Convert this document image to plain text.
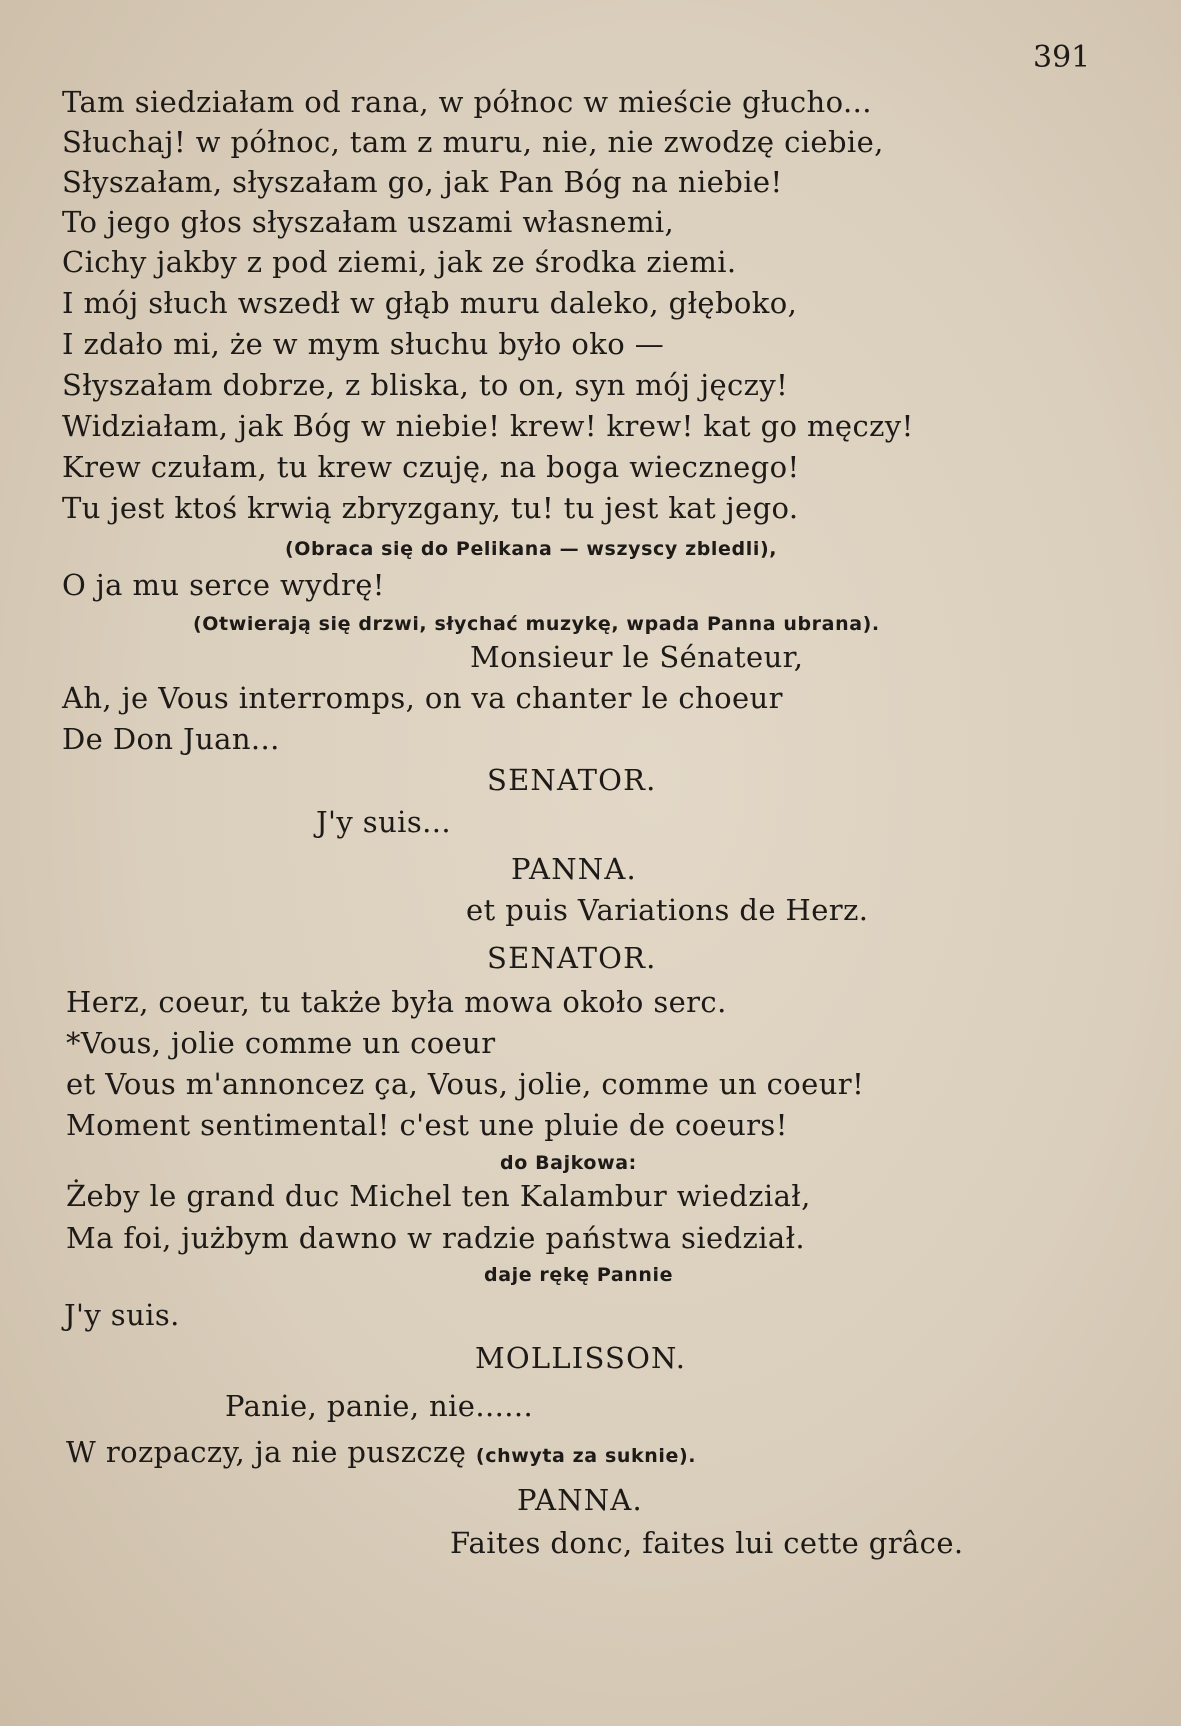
391
Tam siedziałam od rana, w północ w mieście głucho...
Słuchaj! w północ, tam z muru, nie, nie zwodzę ciebie,
Słyszałam, słyszałam go, jak Pan Bóg na niebie!
To jego głos słyszałam uszami własnemi,
Cichy jakby z pod ziemi, jak ze środka ziemi.
I mój słuch wszedł w głąb muru daleko, głęboko,
I zdało mi, że w mym słuchu było oko —
Słyszałam dobrze, z bliska, to on, syn mój jęczy!
Widziałam, jak Bóg w niebie! krew! krew! kat go męczy!
Krew czułam, tu krew czuję, na boga wiecznego!
Tu jest ktoś krwią zbryzgany, tu! tu jest kat jego.
(Obraca się do Pelikana — wszyscy zbledli),
O ja mu serce wydrę!
(Otwierają się drzwi, słychać muzykę, wpada Panna ubrana).
Monsieur le Sénateur,
Ah, je Vous interromps, on va chanter le choeur
De Don Juan...
SENATOR.
J'y suis...
PANNA.
et puis Variations de Herz.
SENATOR.
Herz, coeur, tu także była mowa około serc.
*Vous, jolie comme un coeur
et Vous m'annoncez ça, Vous, jolie, comme un coeur!
Moment sentimental! c'est une pluie de coeurs!
do Bajkowa:
Żeby le grand duc Michel ten Kalambur wiedział,
Ma foi, jużbym dawno w radzie państwa siedział.
daje rękę Pannie
J'y suis.
MOLLISSON.
Panie, panie, nie......
W rozpaczy, ja nie puszczę (chwyta za suknie).
PANNA.
Faites donc, faites lui cette grâce.
